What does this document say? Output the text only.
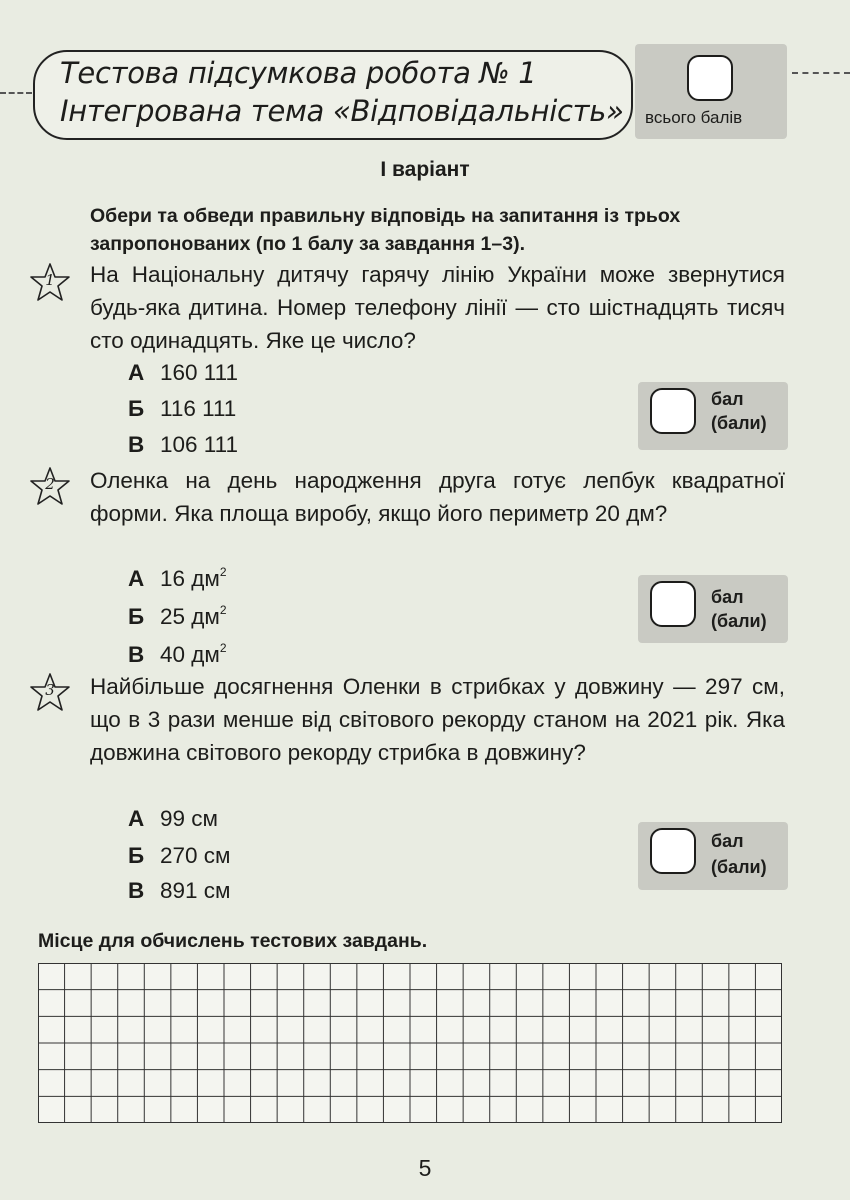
Тестова підсумкова робота № 1
Інтегрована тема «Відповідальність» всього балів
I варіант
Обери та обведи правильну відповідь на запитання із трьох запропонованих (по 1 балу за завдання 1–3).
1	На Національну дитячу гарячу лінію України може звернутися будь-яка дитина. Номер телефону лінії — сто шістнадцять тисяч сто одинадцять. Яке це число?
А 160 111
Б 116 111
В 106 111
бал
(бали)
2	Оленка на день народження друга готує лепбук квадратної форми. Яка площа виробу, якщо його периметр 20 дм?
А 16 $дм^2$
Б 25 $дм^2$
В 40 $дм^2$
бал
(бали)
3	Найбільше досягнення Оленки в стрибках у довжину — 297 см, що в 3 рази менше від світового рекорду станом на 2021 рік. Яка довжина світового рекорду стрибка в довжину?
А 99 см
Б 270 см
В 891 см
бал
(бали)
Місце для обчислень тестових завдань.
5
